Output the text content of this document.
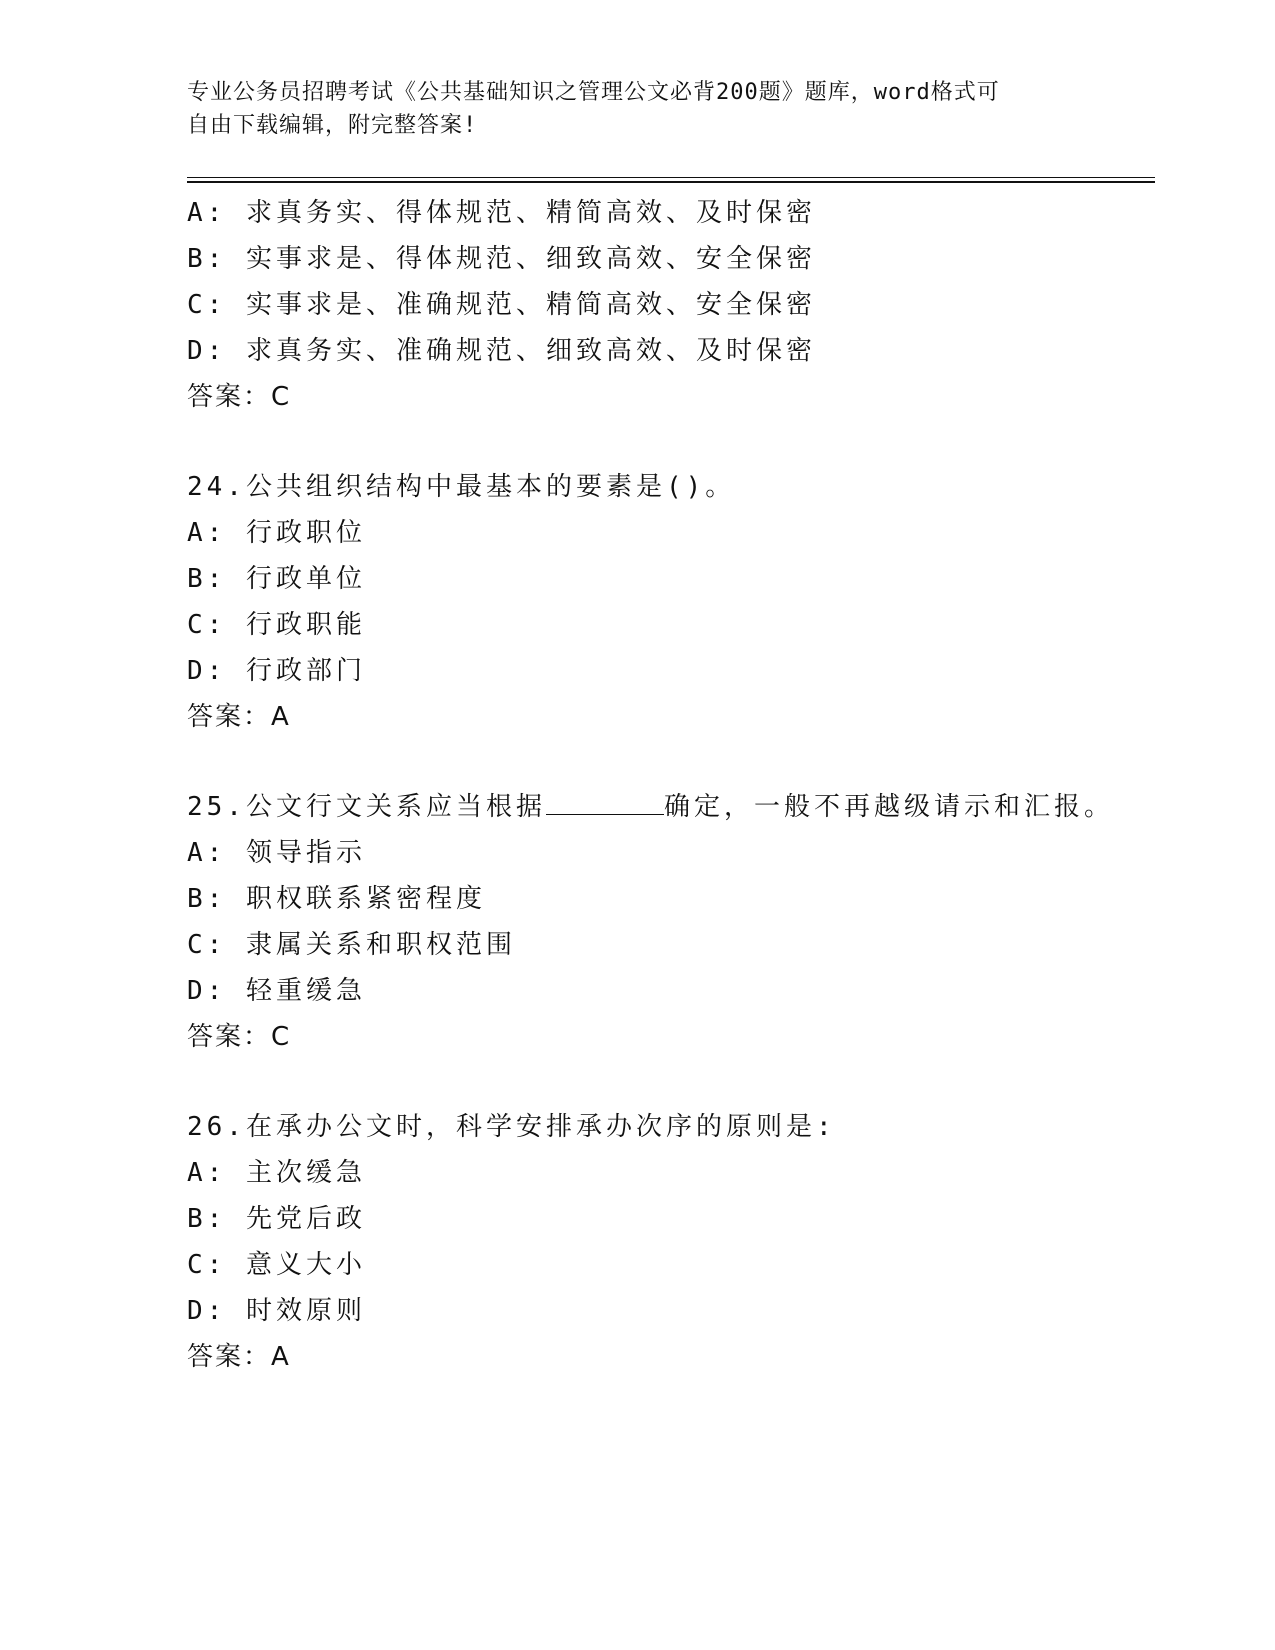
专业公务员招聘考试《公共基础知识之管理公文必背200题》题库，word格式可
自由下载编辑，附完整答案!
A: 求真务实、得体规范、精简高效、及时保密
B: 实事求是、得体规范、细致高效、安全保密
C: 实事求是、准确规范、精简高效、安全保密
D: 求真务实、准确规范、细致高效、及时保密
答案：C
24.公共组织结构中最基本的要素是()。
A: 行政职位
B: 行政单位
C: 行政职能
D: 行政部门
答案：A
25.公文行文关系应当根据	确定，一般不再越级请示和汇报。
A: 领导指示
B: 职权联系紧密程度
C: 隶属关系和职权范围
D: 轻重缓急
答案：C
26.在承办公文时，科学安排承办次序的原则是:
A: 主次缓急
B: 先党后政
C: 意义大小
D: 时效原则
答案：A
